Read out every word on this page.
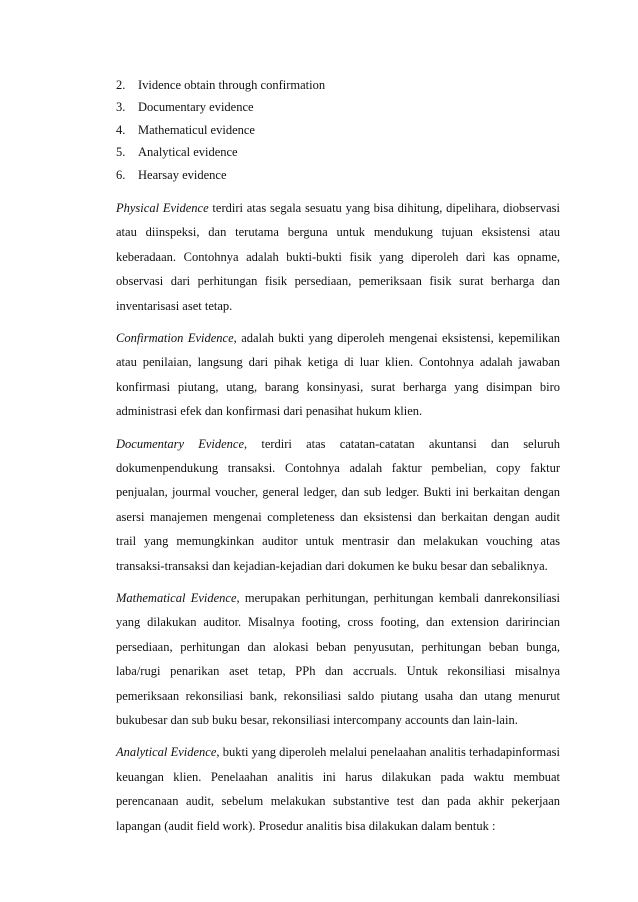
2. Ividence obtain through confirmation
3. Documentary evidence
4. Mathematicul evidence
5. Analytical evidence
6. Hearsay evidence

Physical Evidence terdiri atas segala sesuatu yang bisa dihitung, dipelihara, diobservasi atau diinspeksi, dan terutama berguna untuk mendukung tujuan eksistensi atau keberadaan. Contohnya adalah bukti-bukti fisik yang diperoleh dari kas opname, observasi dari perhitungan fisik persediaan, pemeriksaan fisik surat berharga dan inventarisasi aset tetap.

Confirmation Evidence, adalah bukti yang diperoleh mengenai eksistensi, kepemilikan atau penilaian, langsung dari pihak ketiga di luar klien. Contohnya adalah jawaban konfirmasi piutang, utang, barang konsinyasi, surat berharga yang disimpan biro administrasi efek dan konfirmasi dari penasihat hukum klien.

Documentary Evidence, terdiri atas catatan-catatan akuntansi dan seluruh dokumenpendukung transaksi. Contohnya adalah faktur pembelian, copy faktur penjualan, jourmal voucher, general ledger, dan sub ledger. Bukti ini berkaitan dengan asersi manajemen mengenai completeness dan eksistensi dan berkaitan dengan audit trail yang memungkinkan auditor untuk mentrasir dan melakukan vouching atas transaksi-transaksi dan kejadian-kejadian dari dokumen ke buku besar dan sebaliknya.

Mathematical Evidence, merupakan perhitungan, perhitungan kembali danrekonsiliasi yang dilakukan auditor. Misalnya footing, cross footing, dan extension daririncian persediaan, perhitungan dan alokasi beban penyusutan, perhitungan beban bunga, laba/rugi penarikan aset tetap, PPh dan accruals. Untuk rekonsiliasi misalnya pemeriksaan rekonsiliasi bank, rekonsiliasi saldo piutang usaha dan utang menurut bukubesar dan sub buku besar, rekonsiliasi intercompany accounts dan lain-lain.

Analytical Evidence, bukti yang diperoleh melalui penelaahan analitis terhadapinformasi keuangan klien. Penelaahan analitis ini harus dilakukan pada waktu membuat perencanaan audit, sebelum melakukan substantive test dan pada akhir pekerjaan lapangan (audit field work). Prosedur analitis bisa dilakukan dalam bentuk :
